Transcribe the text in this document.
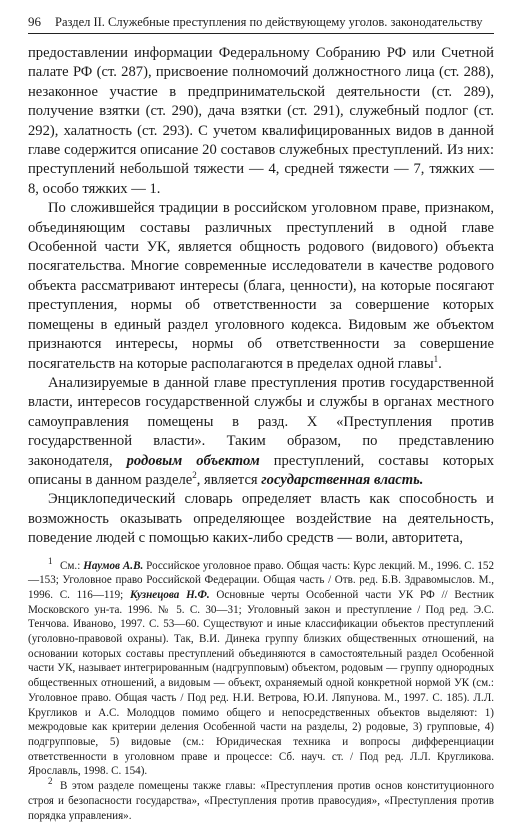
96 Раздел II. Служебные преступления по действующему уголов. законодательству

предоставлении информации Федеральному Собранию РФ или Счетной палате РФ (ст. 287), присвоение полномочий должностного лица (ст. 288), незаконное участие в предпринимательской деятельности (ст. 289), получение взятки (ст. 290), дача взятки (ст. 291), служебный подлог (ст. 292), халатность (ст. 293). С учетом квалифицированных видов в данной главе содержится описание 20 составов служебных преступлений. Из них: преступлений небольшой тяжести — 4, средней тяжести — 7, тяжких — 8, особо тяжких — 1.

По сложившейся традиции в российском уголовном праве, признаком, объединяющим составы различных преступлений в одной главе Особенной части УК, является общность родового (видового) объекта посягательства. Многие современные исследователи в качестве родового объекта рассматривают интересы (блага, ценности), на которые посягают преступления, нормы об ответственности за совершение которых помещены в единый раздел уголовного кодекса. Видовым же объектом признаются интересы, нормы об ответственности за совершение посягательств на которые располагаются в пределах одной главы$^1$.

Анализируемые в данной главе преступления против государственной власти, интересов государственной службы и службы в органах местного самоуправления помещены в разд. X «Преступления против государственной власти». Таким образом, по представлению законодателя, родовым объектом преступлений, составы которых описаны в данном разделе$^2$, является государственная власть.

Энциклопедический словарь определяет власть как способность и возможность оказывать определяющее воздействие на деятельность, поведение людей с помощью каких-либо средств — воли, авторитета,

$^1$ См.: Наумов А.В. Российское уголовное право. Общая часть: Курс лекций. М., 1996. С. 152—153; Уголовное право Российской Федерации. Общая часть / Отв. ред. Б.В. Здравомыслов. М., 1996. С. 116—119; Кузнецова Н.Ф. Основные черты Особенной части УК РФ // Вестник Московского ун-та. 1996. № 5. С. 30—31; Уголовный закон и преступление / Под ред. Э.С. Тенчова. Иваново, 1997. С. 53—60. Существуют и иные классификации объектов преступлений (уголовно-правовой охраны). Так, В.И. Динека группу близких общественных отношений, на основании которых составы преступлений объединяются в самостоятельный раздел Особенной части УК, называет интегрированным (надгрупповым) объектом, родовым — группу однородных общественных отношений, а видовым — объект, охраняемый одной конкретной нормой УК (см.: Уголовное право. Общая часть / Под ред. Н.И. Ветрова, Ю.И. Ляпунова. М., 1997. С. 185). Л.Л. Кругликов и А.С. Молодцов помимо общего и непосредственных объектов выделяют: 1) межродовые как критерии деления Особенной части на разделы, 2) родовые, 3) групповые, 4) подгрупповые, 5) видовые (см.: Юридическая техника и вопросы дифференциации ответственности в уголовном праве и процессе: Сб. науч. ст. / Под ред. Л.Л. Кругликова. Ярославль, 1998. С. 154).

$^2$ В этом разделе помещены также главы: «Преступления против основ конституционного строя и безопасности государства», «Преступления против правосудия», «Преступления против порядка управления».
